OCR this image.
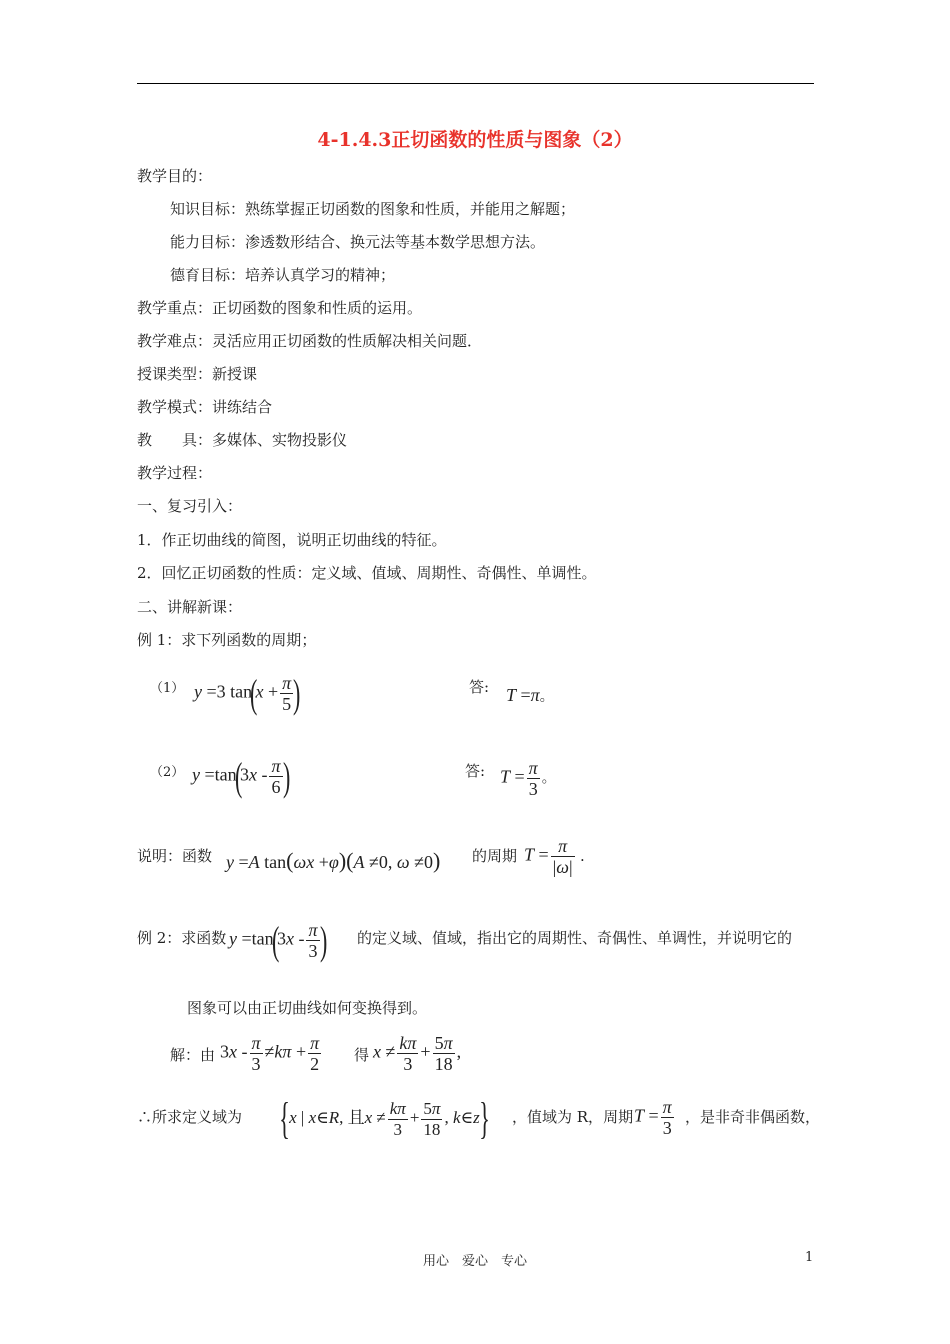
4-1.4.3正切函数的性质与图象（2）
教学目的：
知识目标：熟练掌握正切函数的图象和性质，并能用之解题；
能力目标：渗透数形结合、换元法等基本数学思想方法。
德育目标：培养认真学习的精神；
教学重点：正切函数的图象和性质的运用。
教学难点：灵活应用正切函数的性质解决相关问题．
授课类型：新授课
教学模式：讲练结合
教　　具：多媒体、实物投影仪
教学过程：
一、复习引入：
1．作正切曲线的简图，说明正切曲线的特征。
2．回忆正切函数的性质：定义域、值域、周期性、奇偶性、单调性。
二、讲解新课：
例 1：求下列函数的周期；
（1） y =3 $\tan(x + \frac{\pi}{5}$ )	答: T =π。
（2） $y =\tan(3x - \frac{\pi}{6}$ )	答: $T = \frac{\pi}{3}$ 。
说明：函数 y =A tan(ωx +φ)(A ≠0, ω ≠0) 的周期 $T = \frac{\pi}{|\omega|}$ .
例 2：求函数 $y =\tan(3x - \frac{\pi}{3}$ ) 的定义域、值域，指出它的周期性、奇偶性、单调性，并说明它的
图象可以由正切曲线如何变换得到。
解：由 $3x - \frac{\pi}{3} \ne k\pi + \frac{\pi}{2}$ 得 $x \ne \frac{k\pi}{3} + \frac{5\pi}{18}$ ,
∴所求定义域为 {x | x∈R, 且$x \ne \frac{k\pi}{3} + \frac{5\pi}{18}$ , k∈z} ，值域为 R，周期 $T = \frac{\pi}{3}$ ，是非奇非偶函数，
用心　爱心　专心	1
